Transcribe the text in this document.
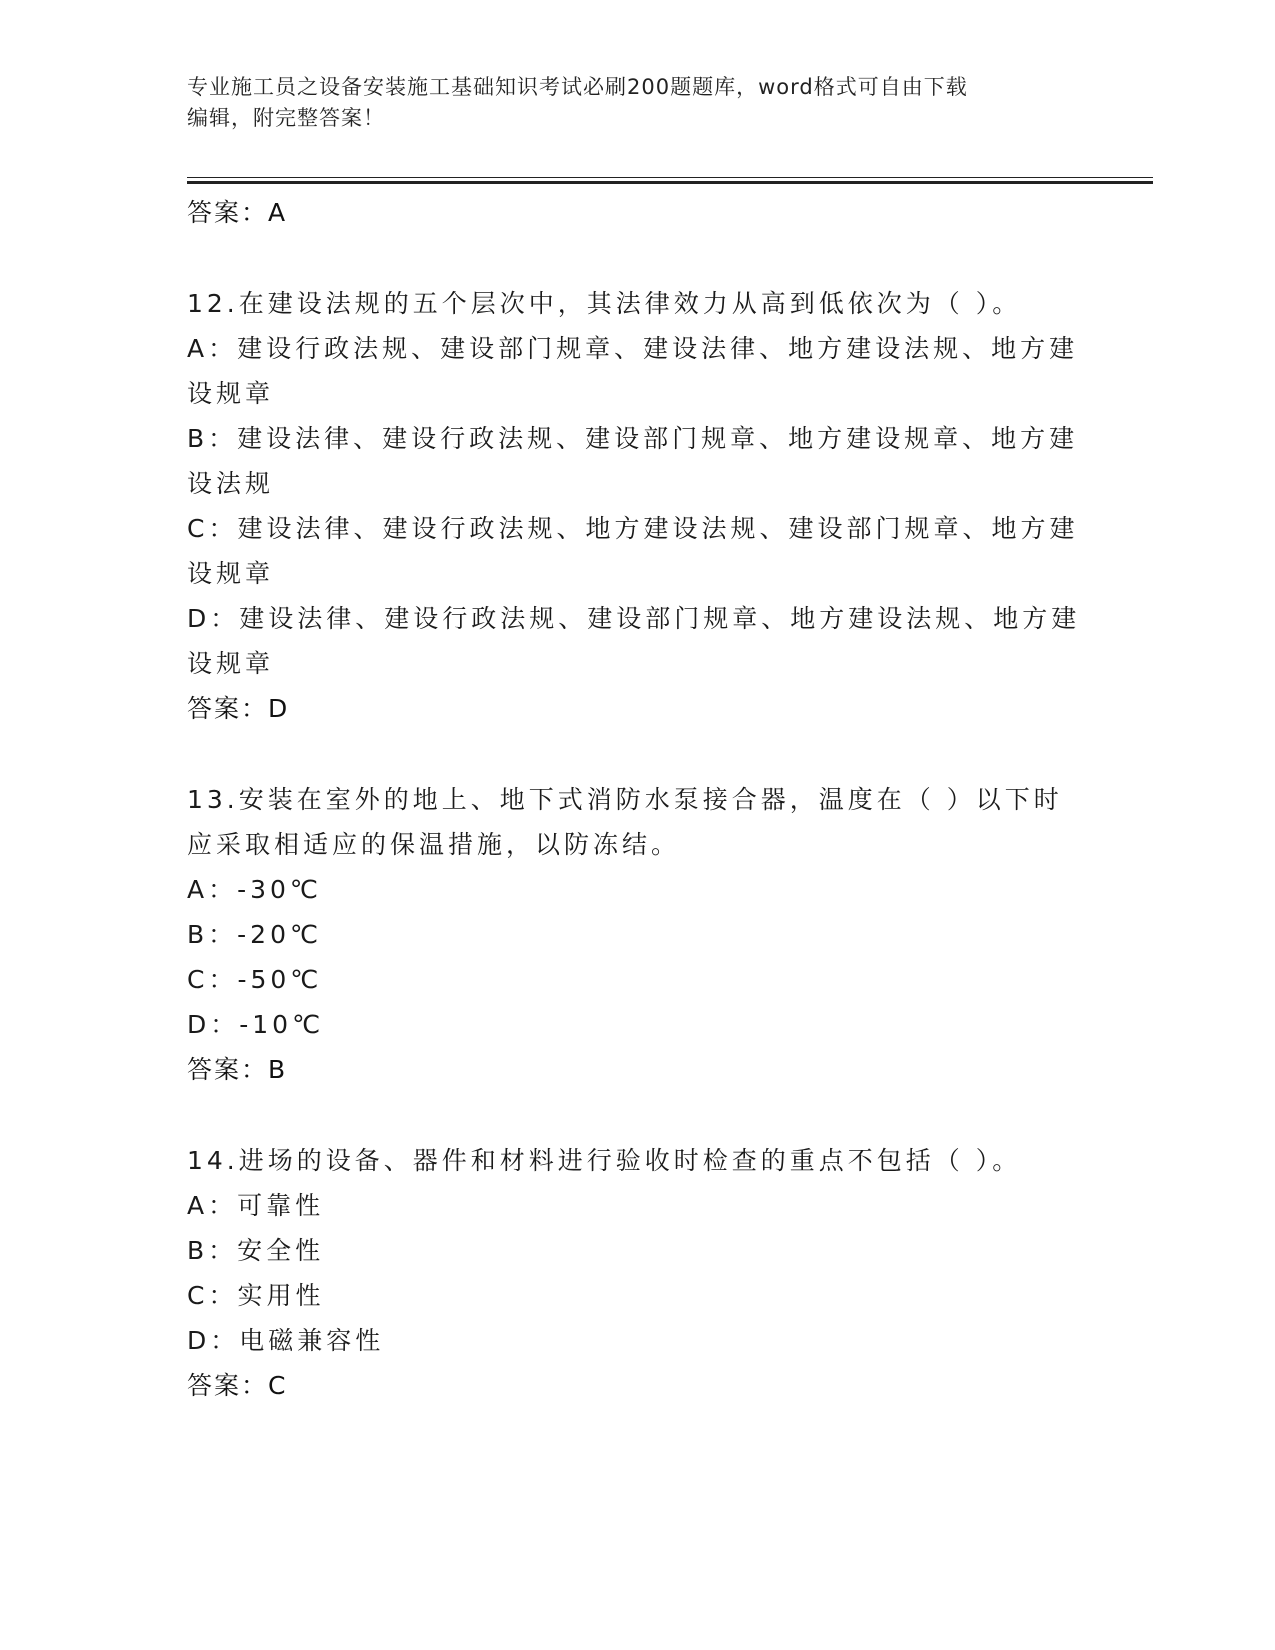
专业施工员之设备安装施工基础知识考试必刷200题题库，word格式可自由下载
编辑，附完整答案！
答案：A
12.在建设法规的五个层次中，其法律效力从高到低依次为（ ）。
A：建设行政法规、建设部门规章、建设法律、地方建设法规、地方建
设规章
B：建设法律、建设行政法规、建设部门规章、地方建设规章、地方建
设法规
C：建设法律、建设行政法规、地方建设法规、建设部门规章、地方建
设规章
D：建设法律、建设行政法规、建设部门规章、地方建设法规、地方建
设规章
答案：D
13.安装在室外的地上、地下式消防水泵接合器，温度在（ ）以下时
应采取相适应的保温措施，以防冻结。
A：-30℃
B：-20℃
C：-50℃
D：-10℃
答案：B
14.进场的设备、器件和材料进行验收时检查的重点不包括（ ）。
A：可靠性
B：安全性
C：实用性
D：电磁兼容性
答案：C
